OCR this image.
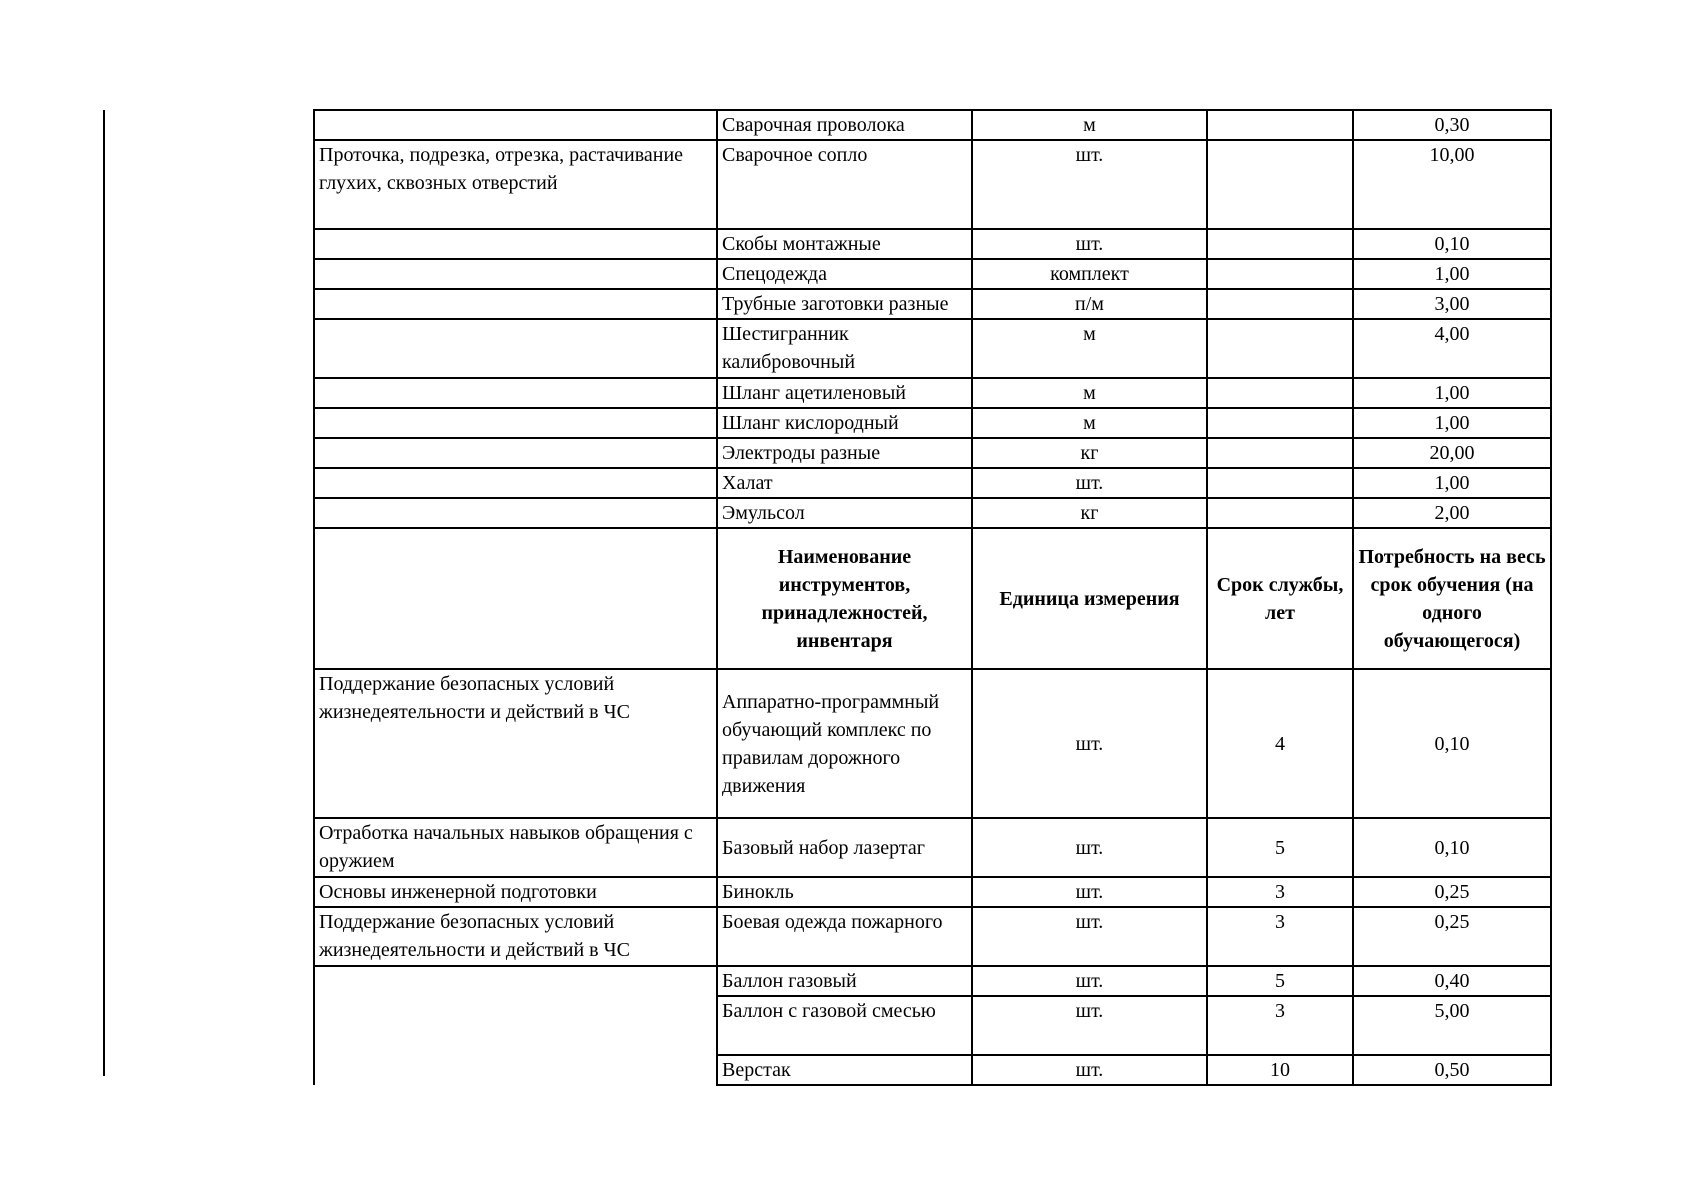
	Сварочная проволока	м		0,30
Проточка, подрезка, отрезка, растачивание глухих, сквозных отверстий	Сварочное сопло	шт.		10,00
	Скобы монтажные	шт.		0,10
	Спецодежда	комплект		1,00
	Трубные заготовки разные	п/м		3,00
	Шестигранник калибровочный	м		4,00
	Шланг ацетиленовый	м		1,00
	Шланг кислородный	м		1,00
	Электроды разные	кг		20,00
	Халат	шт.		1,00
	Эмульсол	кг		2,00
	Наименование инструментов, принадлежностей, инвентаря	Единица измерения	Срок службы, лет	Потребность на весь срок обучения (на одного обучающегося)
Поддержание безопасных условий жизнедеятельности и действий в ЧС	Аппаратно-программный обучающий комплекс по правилам дорожного движения	шт.	4	0,10
Отработка начальных навыков обращения с оружием	Базовый набор лазертаг	шт.	5	0,10
Основы инженерной подготовки	Бинокль	шт.	3	0,25
Поддержание безопасных условий жизнедеятельности и действий в ЧС	Боевая одежда пожарного	шт.	3	0,25
	Баллон газовый	шт.	5	0,40
	Баллон с газовой смесью	шт.	3	5,00
	Верстак	шт.	10	0,50
